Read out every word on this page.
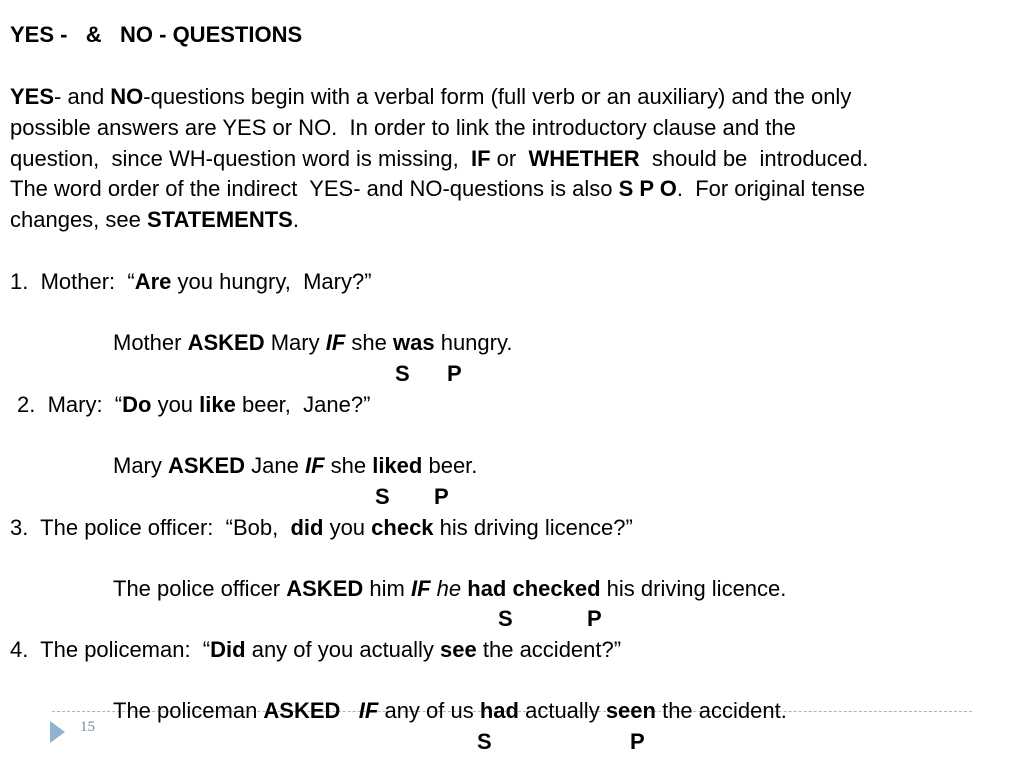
YES -   &   NO - QUESTIONS
YES- and NO-questions begin with a verbal form (full verb or an auxiliary) and the only
possible answers are YES or NO.  In order to link the introductory clause and the
question,  since WH-question word is missing,  IF or  WHETHER  should be  introduced.
The word order of the indirect  YES- and NO-questions is also S P O.  For original tense
changes, see STATEMENTS.
1.  Mother:  “Are you hungry,  Mary?”
Mother ASKED Mary IF she was hungry.
S P
2.  Mary:  “Do you like beer,  Jane?”
Mary ASKED Jane IF she liked beer.
S P
3.  The police officer:  “Bob,  did you check his driving licence?”
The police officer ASKED him IF he had checked his driving licence.
S	P
4.  The policeman:  “Did any of you actually see the accident?”
The policeman ASKED IF any of us had actually seen the accident.
S	P
15
